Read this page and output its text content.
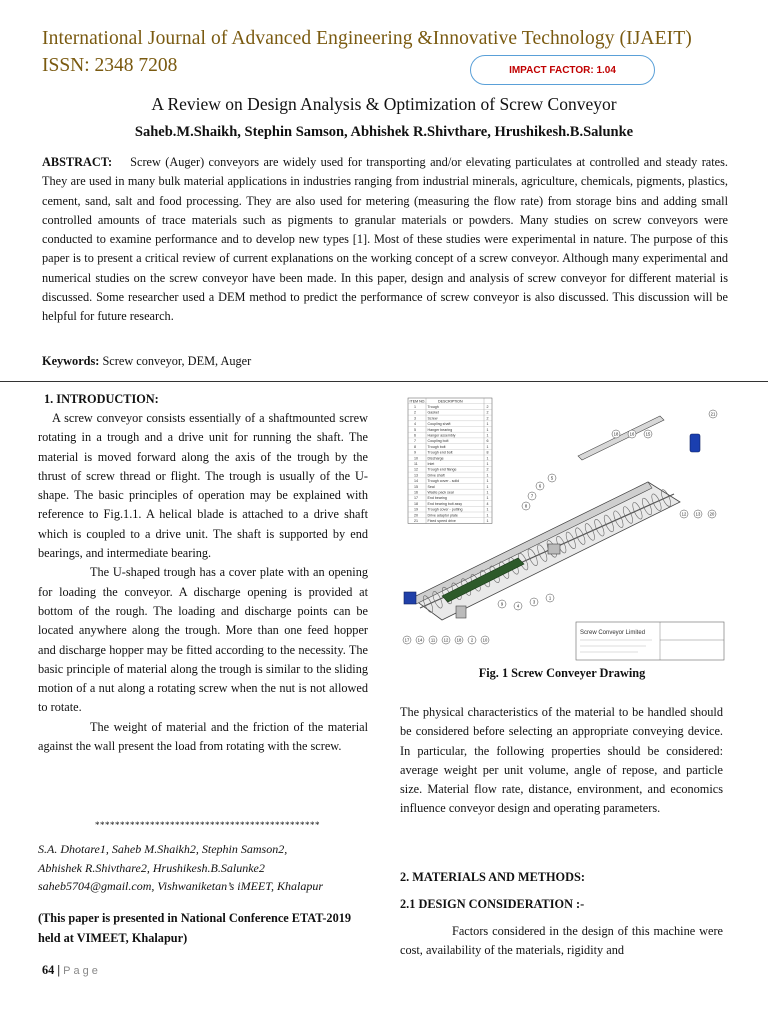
International Journal of Advanced Engineering &Innovative Technology (IJAEIT)
ISSN: 2348 7208	IMPACT FACTOR: 1.04
A Review on Design Analysis & Optimization of Screw Conveyor
Saheb.M.Shaikh, Stephin Samson, Abhishek R.Shivthare, Hrushikesh.B.Salunke
ABSTRACT: Screw (Auger) conveyors are widely used for transporting and/or elevating particulates at controlled and steady rates. They are used in many bulk material applications in industries ranging from industrial minerals, agriculture, chemicals, pigments, plastics, cement, sand, salt and food processing. They are also used for metering (measuring the flow rate) from storage bins and adding small controlled amounts of trace materials such as pigments to granular materials or powders. Many studies on screw conveyors were conducted to examine performance and to develop new types [1]. Most of these studies were experimental in nature. The purpose of this paper is to present a critical review of current explanations on the working concept of a screw conveyor. Although many experimental and numerical studies on the screw conveyor have been made. In this paper, design and analysis of screw conveyor for different material is discussed. Some researcher used a DEM method to predict the performance of screw conveyor is also discussed. This discussion will be helpful for future research.
Keywords: Screw conveyor, DEM, Auger
1. INTRODUCTION:

A screw conveyor consists essentially of a shaftmounted screw rotating in a trough and a drive unit for running the shaft. The material is moved forward along the axis of the trough by the thrust of screw thread or flight. The trough is usually of the U-shape. The basic principles of operation may be explained with reference to Fig.1.1. A helical blade is attached to a drive shaft which is coupled to a drive unit. The shaft is supported by end bearings, and intermediate bearing.

The U-shaped trough has a cover plate with an opening for loading the conveyor. A discharge opening is provided at bottom of the rough. The loading and discharge points can be located anywhere along the trough. More than one feed hopper and discharge hopper may be fitted according to the necessity. The basic principle of material along the trough is similar to the sliding motion of a nut along a rotating screw when the nut is not allowed to rotate.

The weight of material and the friction of the material against the wall present the load from rotating with the screw.

*********************************************
S.A. Dhotare1, Saheb M.Shaikh2, Stephin Samson2,
Abhishek R.Shivthare2, Hrushikesh.B.Salunke2
saheb5704@gmail.com, Vishwaniketan’s iMEET, Khalapur
(This paper is presented in National Conference ETAT-2019 held at VIMEET, Khalapur)
ITEM NO.	DESCRIPTION
1	Trough	2
2	Gasket	2
3	Screw	2
4	Coupling shaft	1
5	Hanger bearing	1
6	Hanger assembly	1
7	Coupling bolt	6
8	Trough bolt	1
9	Trough end bolt	8
10	Discharge	1
11	Inlet	1
12	Trough end flange	2
13	Drive shaft	1
14	Trough cover - solid	1
15	Seal	1
16	Waste pack seal	1
17	End bearing	1
18	End bearing bolt assy	4
19	Trough cover - putting	1
20	Drive adaptor plate	1
21	Fixed speed drive	1
18	16	15
21
8
7
6
5
12 13 20
17 14 11 12 18 2 10
9	4
3
1
Screw Conveyor Limited
Fig. 1 Screw Conveyer Drawing
The physical characteristics of the material to be handled should be considered before selecting an appropriate conveying device. In particular, the following properties should be considered: average weight per unit volume, angle of repose, and particle size. Material flow rate, distance, environment, and economics influence conveyor design and operating parameters.
2. MATERIALS AND METHODS:
2.1 DESIGN CONSIDERATION :-

Factors considered in the design of this machine were cost, availability of the materials, rigidity and

64 | Page
